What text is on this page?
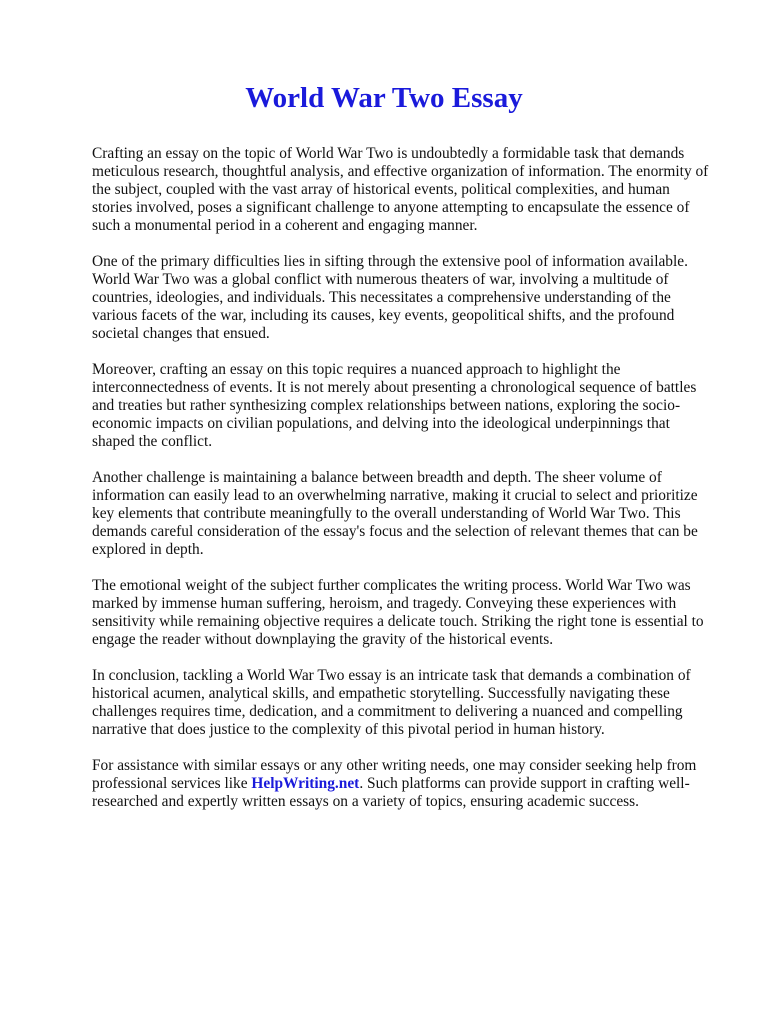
World War Two Essay

Crafting an essay on the topic of World War Two is undoubtedly a formidable task that demands meticulous research, thoughtful analysis, and effective organization of information. The enormity of the subject, coupled with the vast array of historical events, political complexities, and human stories involved, poses a significant challenge to anyone attempting to encapsulate the essence of such a monumental period in a coherent and engaging manner.

One of the primary difficulties lies in sifting through the extensive pool of information available. World War Two was a global conflict with numerous theaters of war, involving a multitude of countries, ideologies, and individuals. This necessitates a comprehensive understanding of the various facets of the war, including its causes, key events, geopolitical shifts, and the profound societal changes that ensued.

Moreover, crafting an essay on this topic requires a nuanced approach to highlight the interconnectedness of events. It is not merely about presenting a chronological sequence of battles and treaties but rather synthesizing complex relationships between nations, exploring the socio-economic impacts on civilian populations, and delving into the ideological underpinnings that shaped the conflict.

Another challenge is maintaining a balance between breadth and depth. The sheer volume of information can easily lead to an overwhelming narrative, making it crucial to select and prioritize key elements that contribute meaningfully to the overall understanding of World War Two. This demands careful consideration of the essay's focus and the selection of relevant themes that can be explored in depth.

The emotional weight of the subject further complicates the writing process. World War Two was marked by immense human suffering, heroism, and tragedy. Conveying these experiences with sensitivity while remaining objective requires a delicate touch. Striking the right tone is essential to engage the reader without downplaying the gravity of the historical events.

In conclusion, tackling a World War Two essay is an intricate task that demands a combination of historical acumen, analytical skills, and empathetic storytelling. Successfully navigating these challenges requires time, dedication, and a commitment to delivering a nuanced and compelling narrative that does justice to the complexity of this pivotal period in human history.

For assistance with similar essays or any other writing needs, one may consider seeking help from professional services like HelpWriting.net. Such platforms can provide support in crafting well-researched and expertly written essays on a variety of topics, ensuring academic success.
